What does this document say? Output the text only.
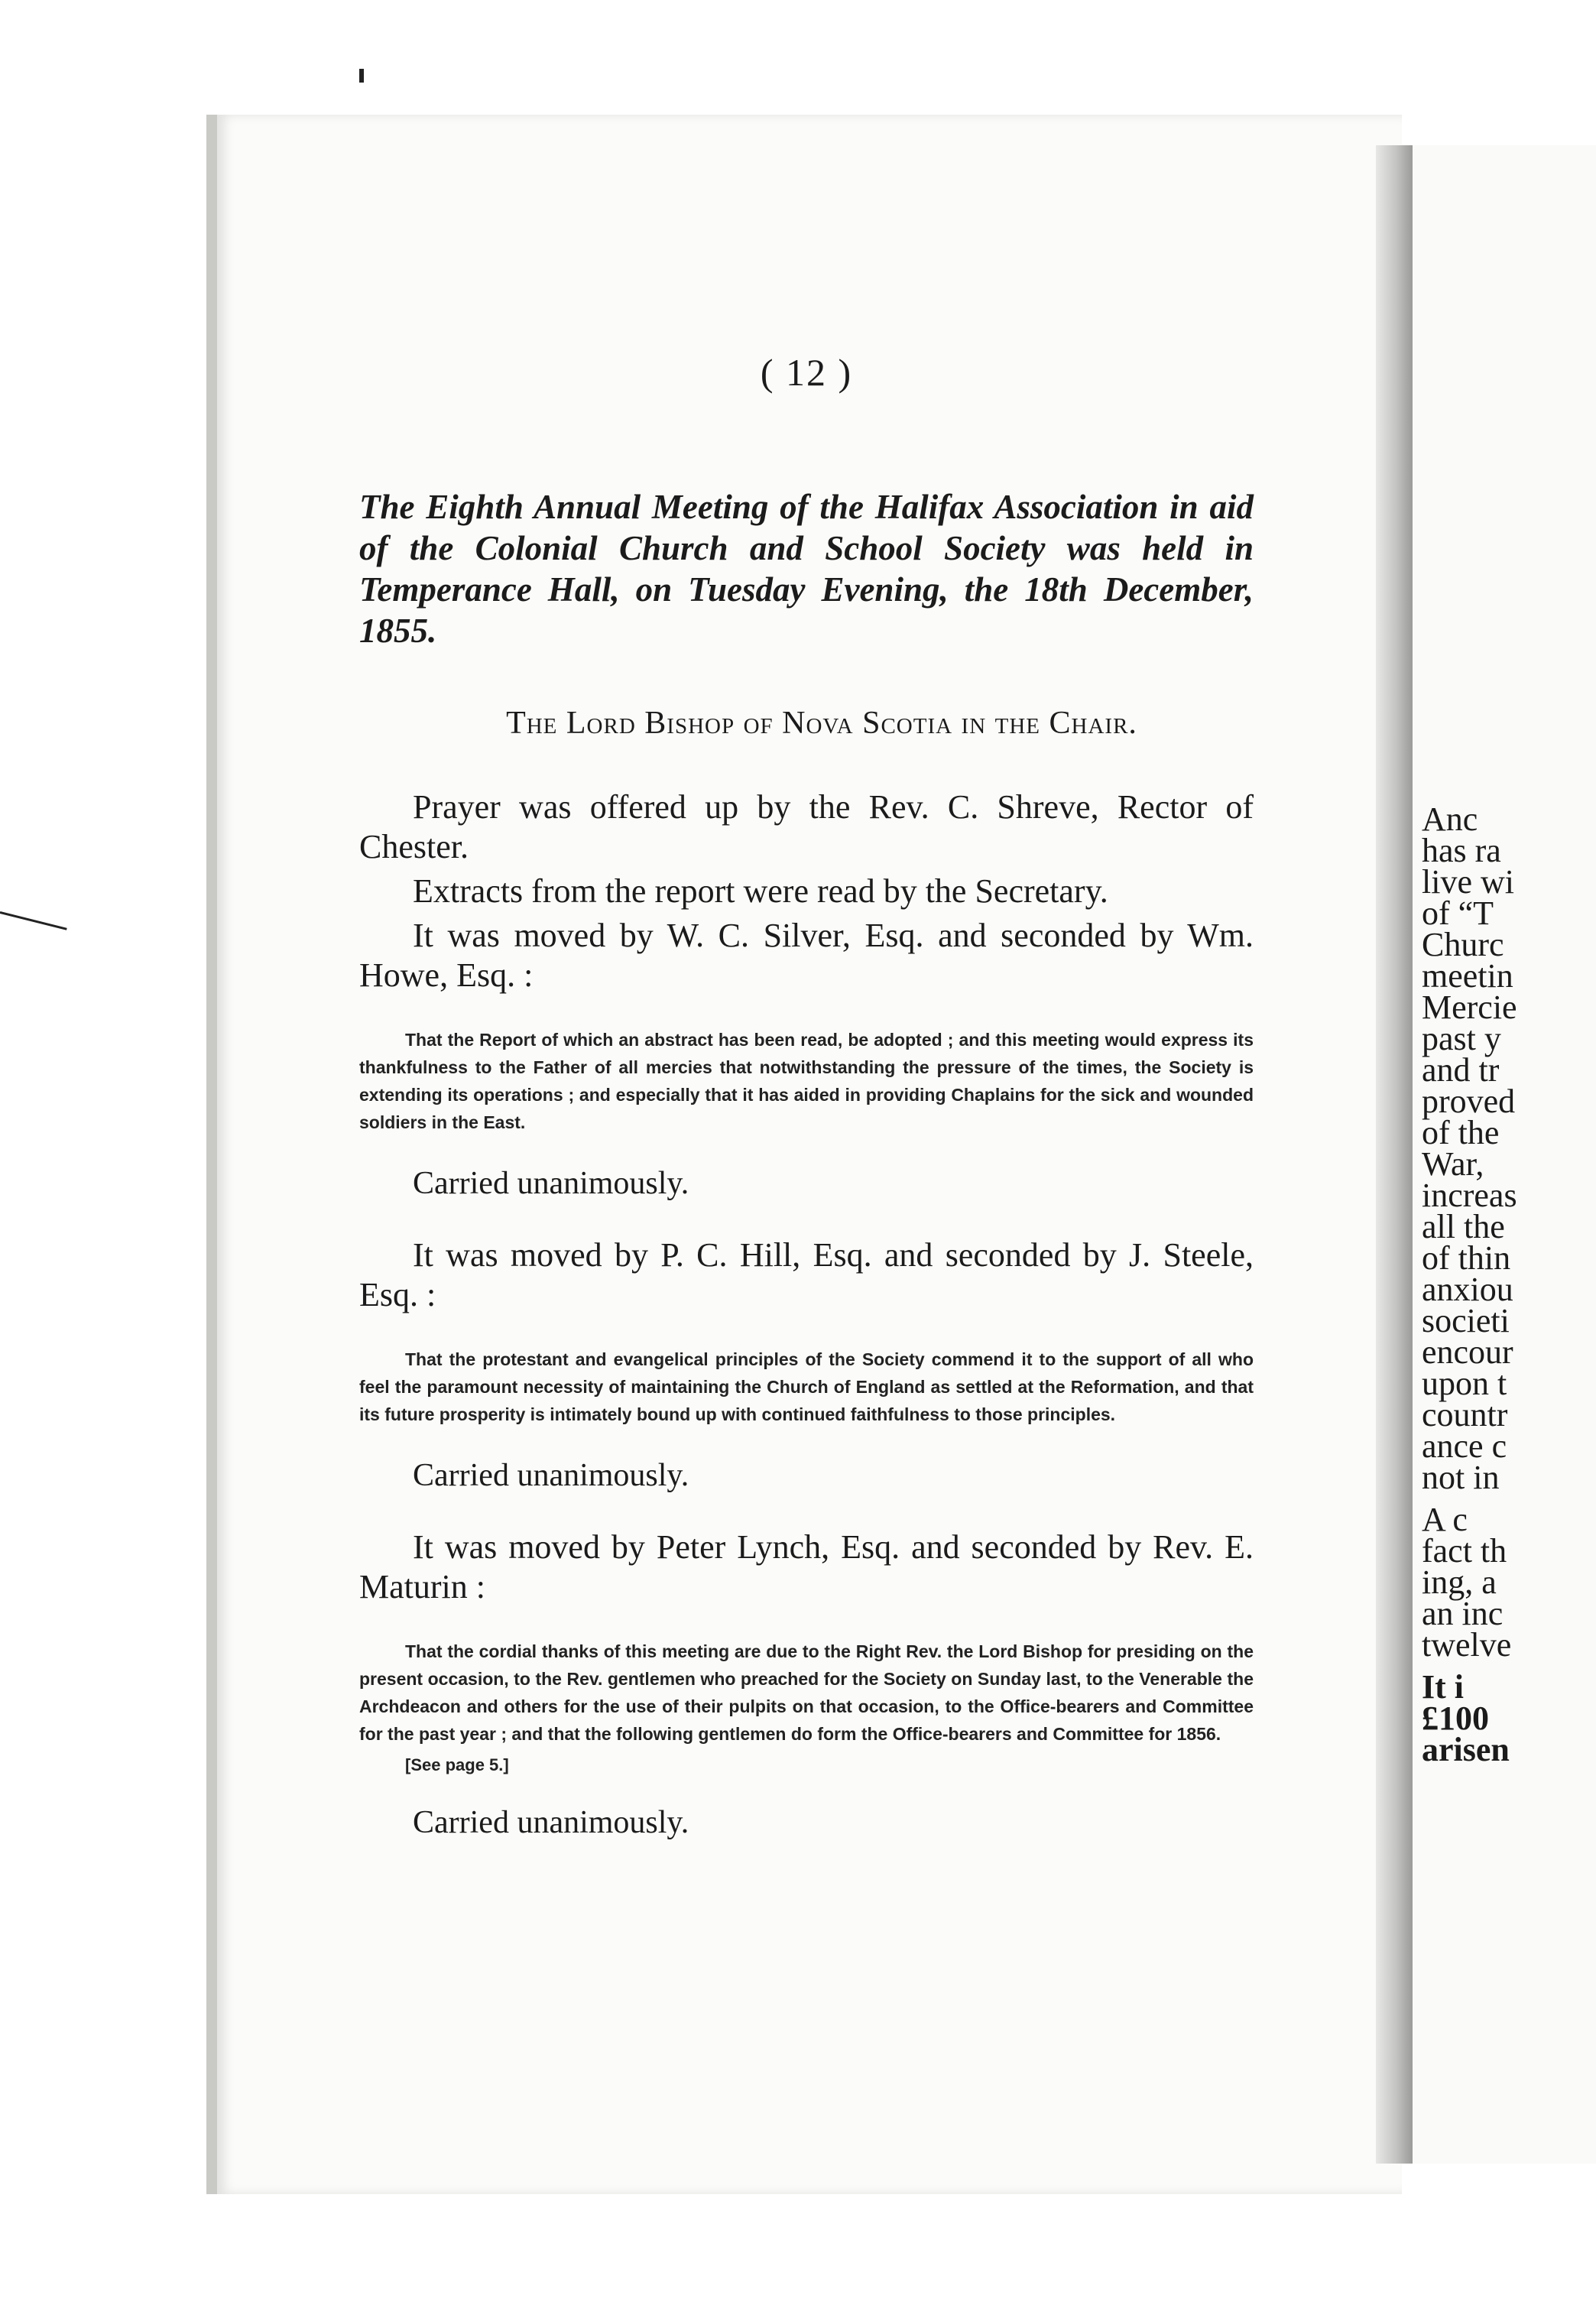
( 12 )

The Eighth Annual Meeting of the Halifax Association in aid of the Colonial Church and School Society was held in Temperance Hall, on Tuesday Evening, the 18th December, 1855.

The Lord Bishop of Nova Scotia in the Chair.

Prayer was offered up by the Rev. C. Shreve, Rector of Chester.

Extracts from the report were read by the Secretary.

It was moved by W. C. Silver, Esq. and seconded by Wm. Howe, Esq. :

That the Report of which an abstract has been read, be adopted ; and this meeting would express its thankfulness to the Father of all mercies that notwithstanding the pressure of the times, the Society is extending its operations ; and especially that it has aided in providing Chaplains for the sick and wounded soldiers in the East.

Carried unanimously.

It was moved by P. C. Hill, Esq. and seconded by J. Steele, Esq. :

That the protestant and evangelical principles of the Society commend it to the support of all who feel the paramount necessity of maintaining the Church of England as settled at the Reformation, and that its future prosperity is intimately bound up with continued faithfulness to those principles.

Carried unanimously.

It was moved by Peter Lynch, Esq. and seconded by Rev. E. Maturin :

That the cordial thanks of this meeting are due to the Right Rev. the Lord Bishop for presiding on the present occasion, to the Rev. gentlemen who preached for the Society on Sunday last, to the Venerable the Archdeacon and others for the use of their pulpits on that occasion, to the Office-bearers and Committee for the past year ; and that the following gentlemen do form the Office-bearers and Committee for 1856.

[See page 5.]

Carried unanimously.

Anc
has ra
live wi
of “T
Churc
meetin
Mercie
past y
and tr
proved
of the
War,
increas
all the
of thin
anxiou
societi
encour
upon t
countr
ance c
not in
A c
fact th
ing, a
an inc
twelve
It i
£100
arisen
